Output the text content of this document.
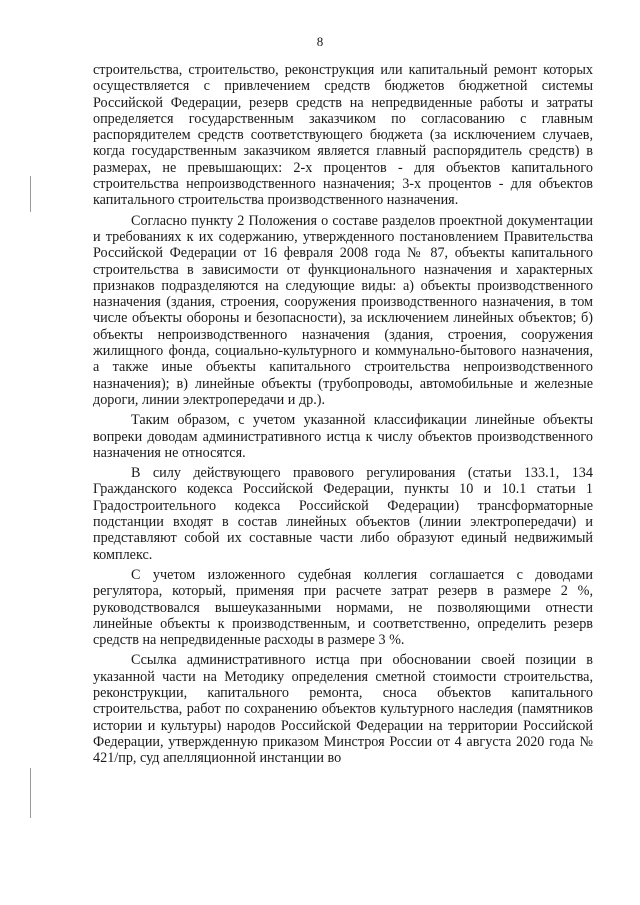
8

строительства, строительство, реконструкция или капитальный ремонт которых осуществляется с привлечением средств бюджетов бюджетной системы Российской Федерации, резерв средств на непредвиденные работы и затраты определяется государственным заказчиком по согласованию с главным распорядителем средств соответствующего бюджета (за исключением случаев, когда государственным заказчиком является главный распорядитель средств) в размерах, не превышающих: 2-х процентов - для объектов капитального строительства непроизводственного назначения; 3-х процентов - для объектов капитального строительства производственного назначения.

Согласно пункту 2 Положения о составе разделов проектной документации и требованиях к их содержанию, утвержденного постановлением Правительства Российской Федерации от 16 февраля 2008 года № 87, объекты капитального строительства в зависимости от функционального назначения и характерных признаков подразделяются на следующие виды: а) объекты производственного назначения (здания, строения, сооружения производственного назначения, в том числе объекты обороны и безопасности), за исключением линейных объектов; б) объекты непроизводственного назначения (здания, строения, сооружения жилищного фонда, социально-культурного и коммунально-бытового назначения, а также иные объекты капитального строительства непроизводственного назначения); в) линейные объекты (трубопроводы, автомобильные и железные дороги, линии электропередачи и др.).

Таким образом, с учетом указанной классификации линейные объекты вопреки доводам административного истца к числу объектов производственного назначения не относятся.

В силу действующего правового регулирования (статьи 133.1, 134 Гражданского кодекса Российской Федерации, пункты 10 и 10.1 статьи 1 Градостроительного кодекса Российской Федерации) трансформаторные подстанции входят в состав линейных объектов (линии электропередачи) и представляют собой их составные части либо образуют единый недвижимый комплекс.

С учетом изложенного судебная коллегия соглашается с доводами регулятора, который, применяя при расчете затрат резерв в размере 2 %, руководствовался вышеуказанными нормами, не позволяющими отнести линейные объекты к производственным, и соответственно, определить резерв средств на непредвиденные расходы в размере 3 %.

Ссылка административного истца при обосновании своей позиции в указанной части на Методику определения сметной стоимости строительства, реконструкции, капитального ремонта, сноса объектов капитального строительства, работ по сохранению объектов культурного наследия (памятников истории и культуры) народов Российской Федерации на территории Российской Федерации, утвержденную приказом Минстроя России от 4 августа 2020 года № 421/пр, суд апелляционной инстанции во
